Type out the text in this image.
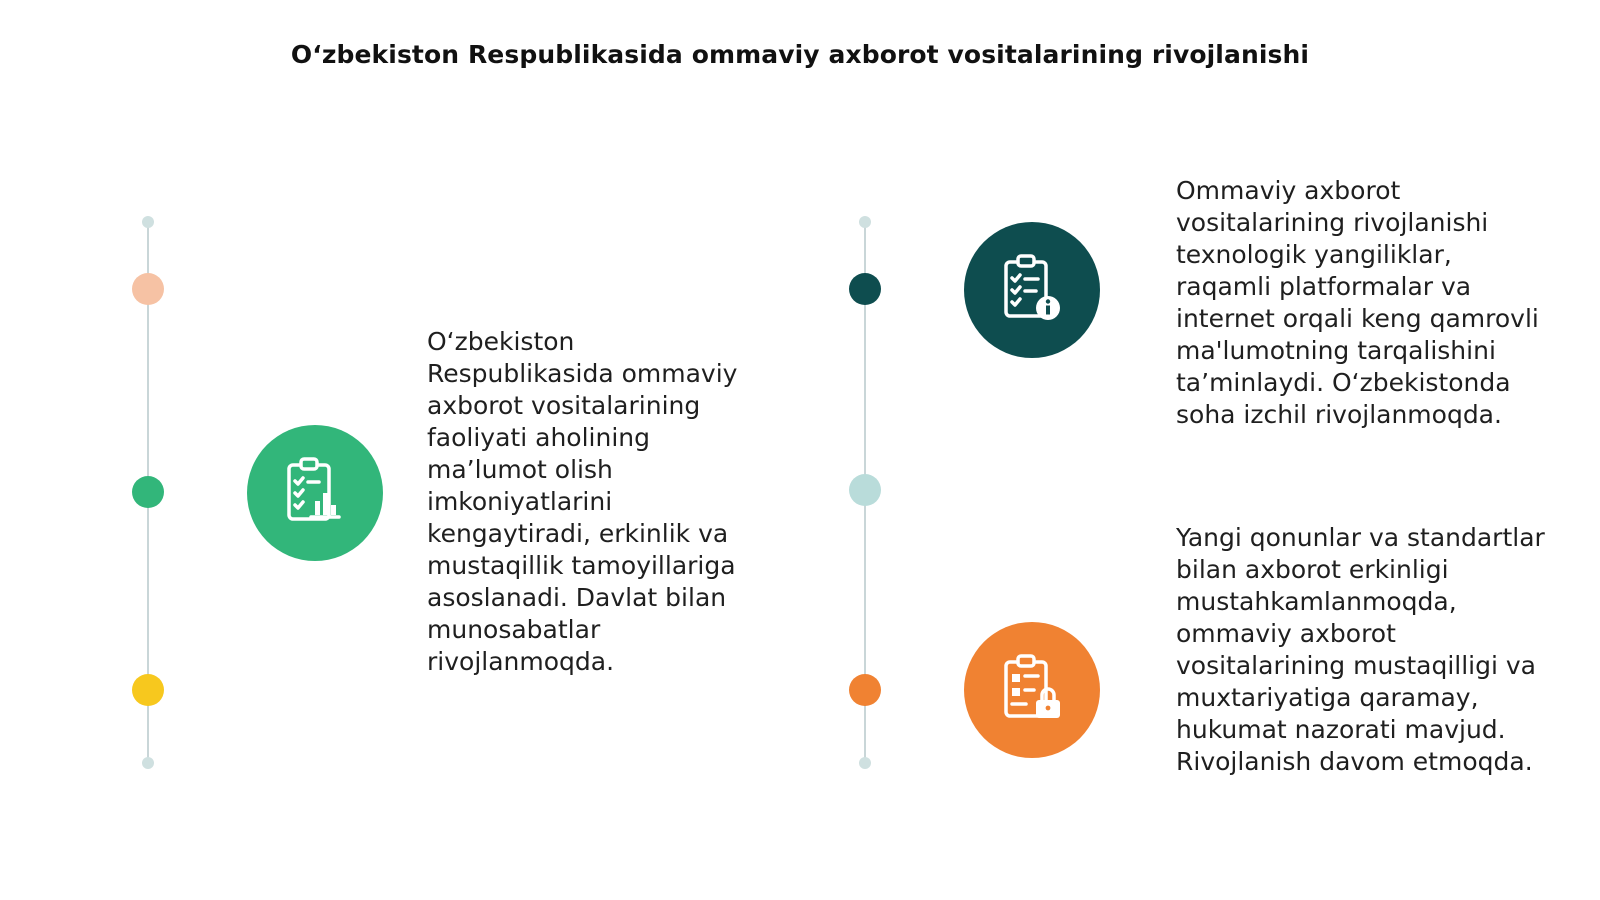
O‘zbekiston Respublikasida ommaviy axborot vositalarining rivojlanishi
O‘zbekiston Respublikasida ommaviy axborot vositalarining faoliyati aholining ma’lumot olish imkoniyatlarini kengaytiradi, erkinlik va mustaqillik tamoyillariga asoslanadi. Davlat bilan munosabatlar rivojlanmoqda.
Ommaviy axborot vositalarining rivojlanishi texnologik yangiliklar, raqamli platformalar va internet orqali keng qamrovli ma'lumotning tarqalishini ta’minlaydi. O‘zbekistonda soha izchil rivojlanmoqda.
Yangi qonunlar va standartlar bilan axborot erkinligi mustahkamlanmoqda, ommaviy axborot vositalarining mustaqilligi va muxtariyatiga qaramay, hukumat nazorati mavjud. Rivojlanish davom etmoqda.
